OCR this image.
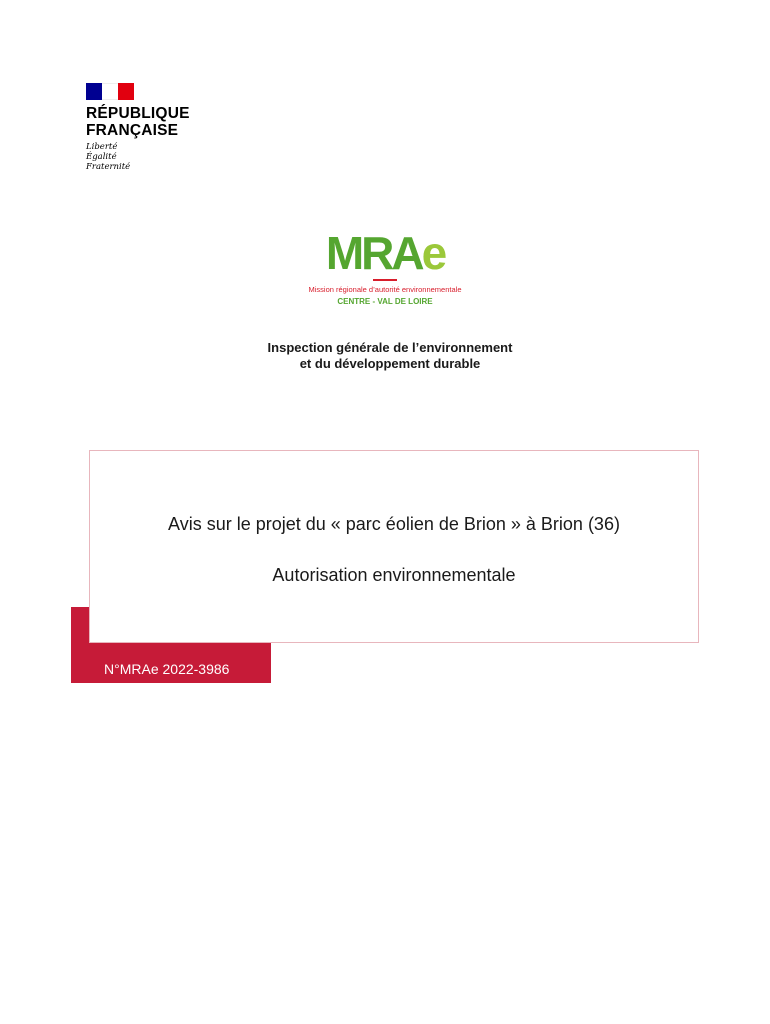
RÉPUBLIQUE
FRANÇAISE
Liberté
Égalité
Fraternité
MRAe
Mission régionale d’autorité environnementale
CENTRE - VAL DE LOIRE
Inspection générale de l’environnement
et du développement durable
Avis sur le projet du « parc éolien de Brion » à Brion (36)
Autorisation environnementale
N°MRAe 2022-3986
